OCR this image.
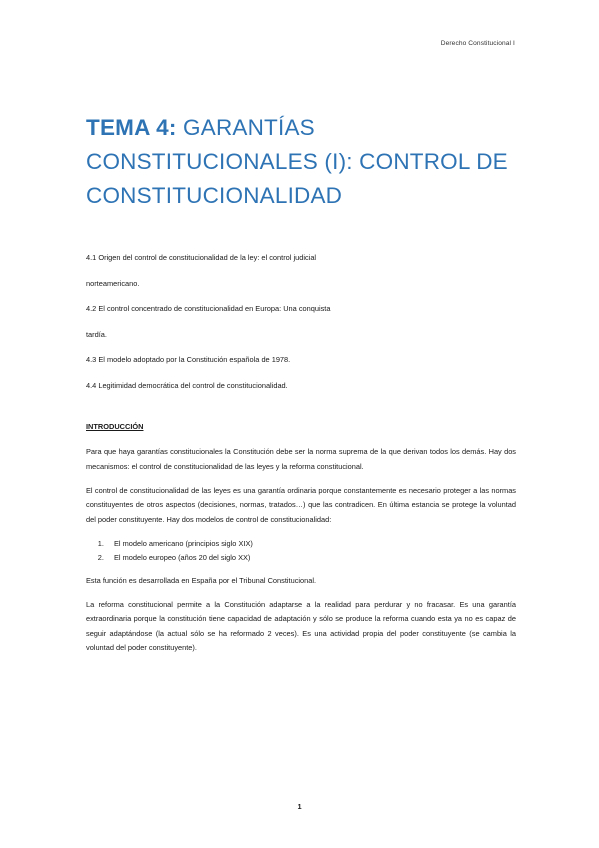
Derecho Constitucional I
TEMA 4: GARANTÍAS CONSTITUCIONALES (I): CONTROL DE CONSTITUCIONALIDAD

4.1 Origen del control de constitucionalidad de la ley: el control judicial

norteamericano.

4.2 El control concentrado de constitucionalidad en Europa: Una conquista

tardía.

4.3 El modelo adoptado por la Constitución española de 1978.

4.4 Legitimidad democrática del control de constitucionalidad.

INTRODUCCIÓN

Para que haya garantías constitucionales la Constitución debe ser la norma suprema de la que derivan todos los demás. Hay dos mecanismos: el control de constitucionalidad de las leyes y la reforma constitucional.

El control de constitucionalidad de las leyes es una garantía ordinaria porque constantemente es necesario proteger a las normas constituyentes de otros aspectos (decisiones, normas, tratados…) que las contradicen. En última estancia se protege la voluntad del poder constituyente. Hay dos modelos de control de constitucionalidad:

1. El modelo americano (principios siglo XIX)
2. El modelo europeo (años 20 del siglo XX)

Esta función es desarrollada en España por el Tribunal Constitucional.

La reforma constitucional permite a la Constitución adaptarse a la realidad para perdurar y no fracasar. Es una garantía extraordinaria porque la constitución tiene capacidad de adaptación y sólo se produce la reforma cuando esta ya no es capaz de seguir adaptándose (la actual sólo se ha reformado 2 veces). Es una actividad propia del poder constituyente (se cambia la voluntad del poder constituyente).

1
